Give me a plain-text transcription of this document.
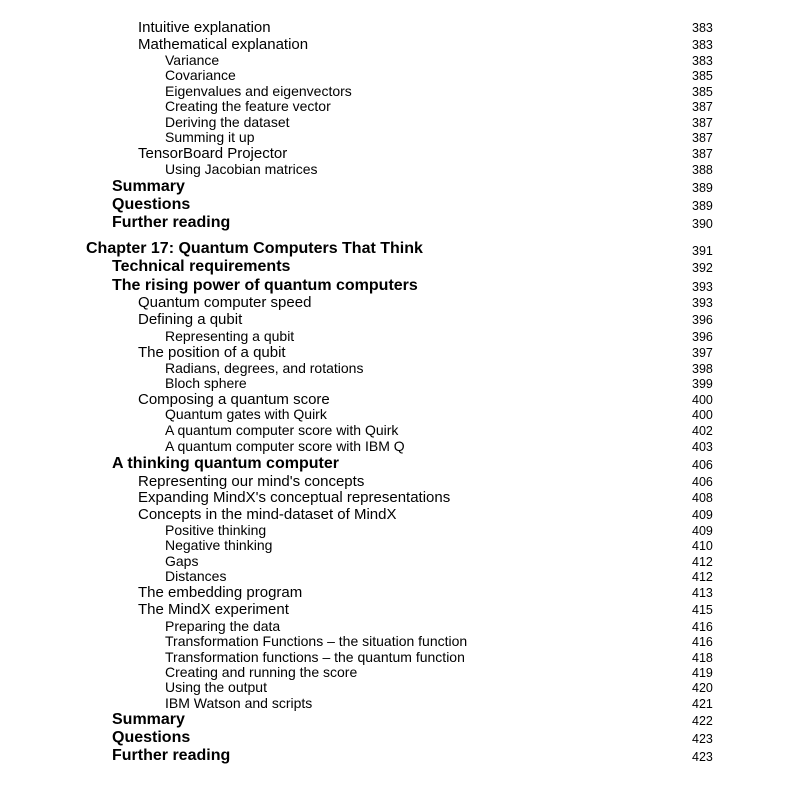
Intuitive explanation	383
Mathematical explanation	383
Variance	383
Covariance	385
Eigenvalues and eigenvectors	385
Creating the feature vector	387
Deriving the dataset	387
Summing it up	387
TensorBoard Projector	387
Using Jacobian matrices	388
Summary	389
Questions	389
Further reading	390
Chapter 17: Quantum Computers That Think	391
Technical requirements	392
The rising power of quantum computers	393
Quantum computer speed	393
Defining a qubit	396
Representing a qubit	396
The position of a qubit	397
Radians, degrees, and rotations	398
Bloch sphere	399
Composing a quantum score	400
Quantum gates with Quirk	400
A quantum computer score with Quirk	402
A quantum computer score with IBM Q	403
A thinking quantum computer	406
Representing our mind's concepts	406
Expanding MindX's conceptual representations	408
Concepts in the mind-dataset of MindX	409
Positive thinking	409
Negative thinking	410
Gaps	412
Distances	412
The embedding program	413
The MindX experiment	415
Preparing the data	416
Transformation Functions – the situation function	416
Transformation functions – the quantum function	418
Creating and running the score	419
Using the output	420
IBM Watson and scripts	421
Summary	422
Questions	423
Further reading	423
